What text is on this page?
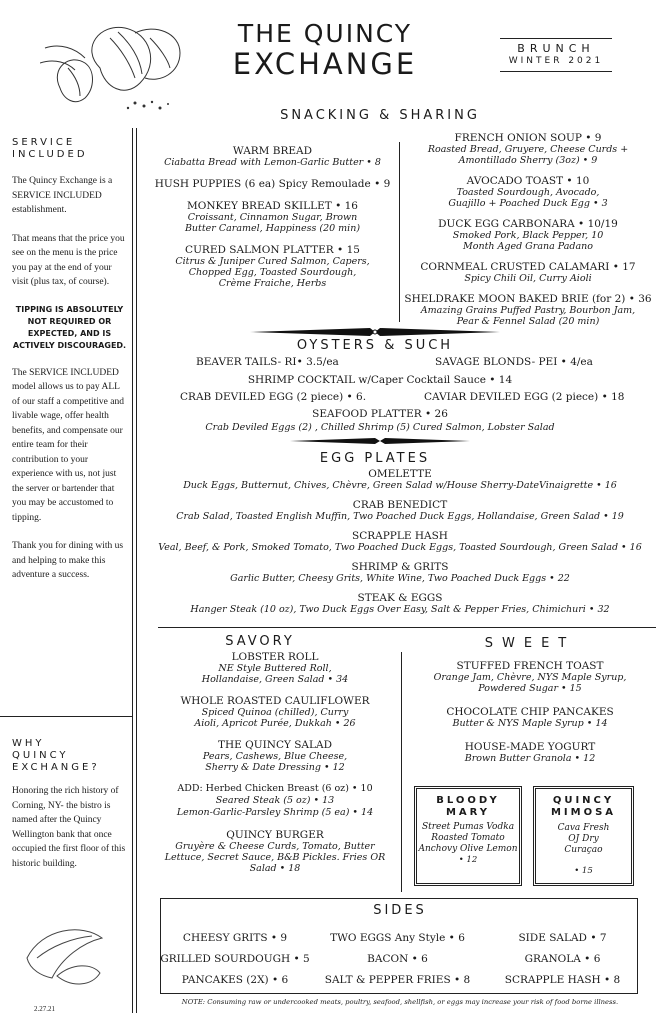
THE QUINCY
EXCHANGE	BRUNCH
WINTER 2021
SNACKING & SHARING
SERVICE
INCLUDED

The Quincy Exchange is a SERVICE INCLUDED establishment.

That means that the price you see on the menu is the price you pay at the end of your visit (plus tax, of course).

TIPPING IS ABSOLUTELY NOT REQUIRED OR EXPECTED, AND IS ACTIVELY DISCOURAGED.

The SERVICE INCLUDED model allows us to pay ALL of our staff a competitive and livable wage, offer health benefits, and compensate our entire team for their contribution to your experience with us, not just the server or bartender that you may be accustomed to tipping.

Thank you for dining with us and helping to make this adventure a success.

WHY
QUINCY
EXCHANGE?

Honoring the rich history of Corning, NY- the bistro is named after the Quincy Wellington bank that once occupied the first floor of this historic building.

2.27.21
WARM BREAD
Ciabatta Bread with Lemon-Garlic Butter • 8
HUSH PUPPIES (6 ea) Spicy Remoulade • 9
MONKEY BREAD SKILLET • 16
Croissant, Cinnamon Sugar, Brown Butter Caramel, Happiness (20 min)
CURED SALMON PLATTER • 15
Citrus & Juniper Cured Salmon, Capers, Chopped Egg, Toasted Sourdough, Crème Fraiche, Herbs
FRENCH ONION SOUP • 9
Roasted Bread, Gruyere, Cheese Curds + Amontillado Sherry (3oz) • 9
AVOCADO TOAST • 10
Toasted Sourdough, Avocado, Guajillo + Poached Duck Egg • 3
DUCK EGG CARBONARA • 10/19
Smoked Pork, Black Pepper, 10 Month Aged Grana Padano
CORNMEAL CRUSTED CALAMARI • 17
Spicy Chili Oil, Curry Aioli
SHELDRAKE MOON BAKED BRIE (for 2) • 36
Amazing Grains Puffed Pastry, Bourbon Jam, Pear & Fennel Salad (20 min)
OYSTERS & SUCH
BEAVER TAILS- RI• 3.5/ea	SAVAGE BLONDS- PEI • 4/ea
SHRIMP COCKTAIL w/Caper Cocktail Sauce • 14
CRAB DEVILED EGG (2 piece) • 6.	CAVIAR DEVILED EGG (2 piece) • 18
SEAFOOD PLATTER • 26
Crab Deviled Eggs (2) , Chilled Shrimp (5) Cured Salmon, Lobster Salad
EGG PLATES
OMELETTE
Duck Eggs, Butternut, Chives, Chèvre, Green Salad w/House Sherry-DateVinaigrette • 16
CRAB BENEDICT
Crab Salad, Toasted English Muffin, Two Poached Duck Eggs, Hollandaise, Green Salad • 19
SCRAPPLE HASH
Veal, Beef, & Pork, Smoked Tomato, Two Poached Duck Eggs, Toasted Sourdough, Green Salad • 16
SHRIMP & GRITS
Garlic Butter, Cheesy Grits, White Wine, Two Poached Duck Eggs • 22
STEAK & EGGS
Hanger Steak (10 oz), Two Duck Eggs Over Easy, Salt & Pepper Fries, Chimichuri • 32
SAVORY
LOBSTER ROLL
NE Style Buttered Roll, Hollandaise, Green Salad • 34
WHOLE ROASTED CAULIFLOWER
Spiced Quinoa (chilled), Curry Aioli, Apricot Purée, Dukkah • 26
THE QUINCY SALAD
Pears, Cashews, Blue Cheese, Sherry & Date Dressing • 12
ADD: Herbed Chicken Breast (6 oz) • 10
Seared Steak (5 oz) • 13
Lemon-Garlic-Parsley Shrimp (5 ea) • 14
QUINCY BURGER
Gruyère & Cheese Curds, Tomato, Butter Lettuce, Secret Sauce, B&B Pickles. Fries OR Salad • 18
SWEET
STUFFED FRENCH TOAST
Orange Jam, Chèvre, NYS Maple Syrup, Powdered Sugar • 15
CHOCOLATE CHIP PANCAKES
Butter & NYS Maple Syrup • 14
HOUSE-MADE YOGURT
Brown Butter Granola • 12
BLOODY
MARY
Street Pumas Vodka Roasted Tomato Anchovy Olive Lemon
• 12
QUINCY
MIMOSA
Cava Fresh OJ Dry Curaçao
• 15
SIDES
CHEESY GRITS • 9
GRILLED SOURDOUGH • 5
PANCAKES (2X) • 6
TWO EGGS Any Style • 6
BACON • 6
SALT & PEPPER FRIES • 8
SIDE SALAD • 7
GRANOLA • 6
SCRAPPLE HASH • 8
NOTE: Consuming raw or undercooked meats, poultry, seafood, shellfish, or eggs may increase your risk of food borne illness.
